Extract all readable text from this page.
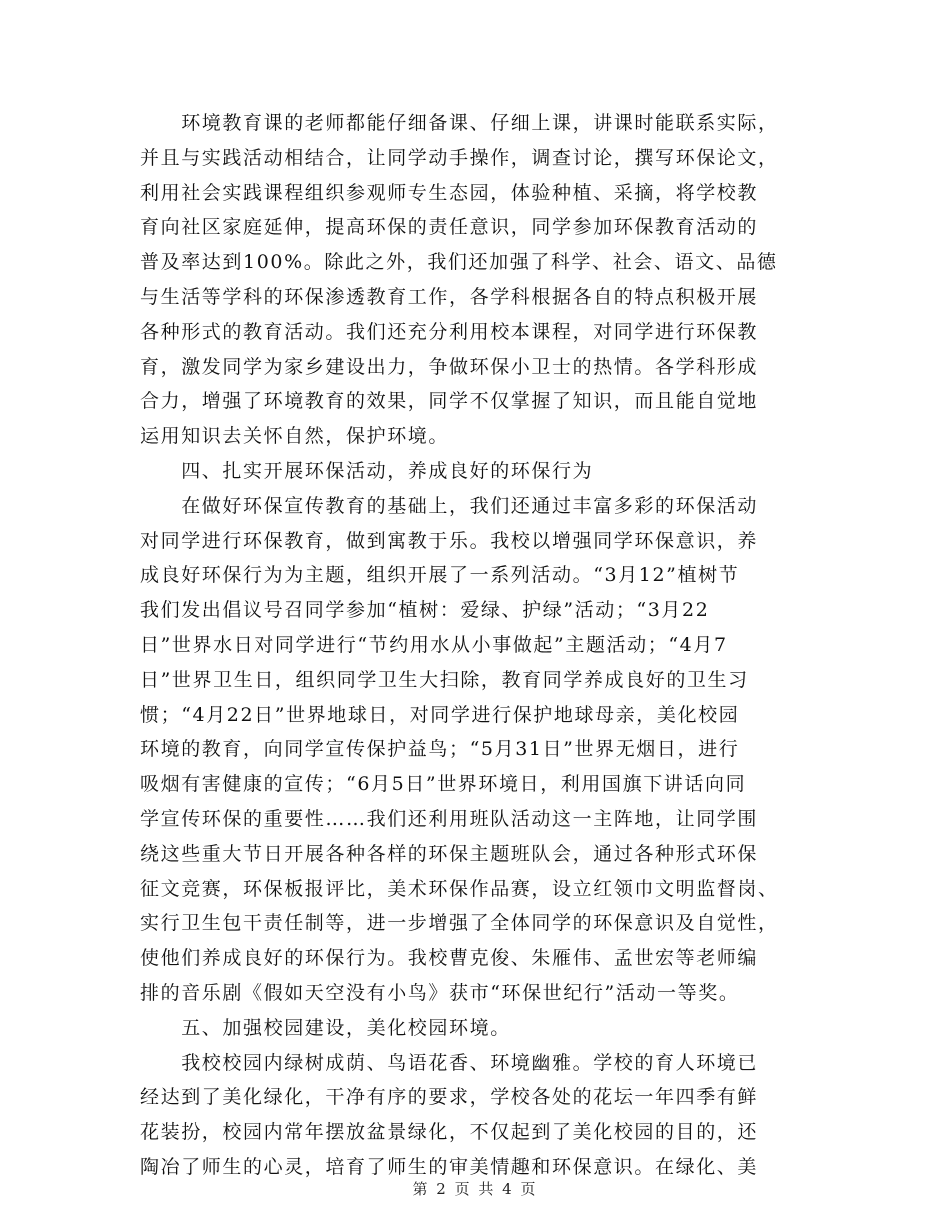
　　环境教育课的老师都能仔细备课、仔细上课，讲课时能联系实际，
并且与实践活动相结合，让同学动手操作，调查讨论，撰写环保论文，
利用社会实践课程组织参观师专生态园，体验种植、采摘，将学校教
育向社区家庭延伸，提高环保的责任意识，同学参加环保教育活动的
普及率达到100%。除此之外，我们还加强了科学、社会、语文、品德
与生活等学科的环保渗透教育工作，各学科根据各自的特点积极开展
各种形式的教育活动。我们还充分利用校本课程，对同学进行环保教
育，激发同学为家乡建设出力，争做环保小卫士的热情。各学科形成
合力，增强了环境教育的效果，同学不仅掌握了知识，而且能自觉地
运用知识去关怀自然，保护环境。
　　四、扎实开展环保活动，养成良好的环保行为
　　在做好环保宣传教育的基础上，我们还通过丰富多彩的环保活动
对同学进行环保教育，做到寓教于乐。我校以增强同学环保意识，养
成良好环保行为为主题，组织开展了一系列活动。“3月12”植树节
我们发出倡议号召同学参加“植树：爱绿、护绿”活动；“3月22
日”世界水日对同学进行“节约用水从小事做起”主题活动；“4月7
日”世界卫生日，组织同学卫生大扫除，教育同学养成良好的卫生习
惯；“4月22日”世界地球日，对同学进行保护地球母亲，美化校园
环境的教育，向同学宣传保护益鸟；“5月31日”世界无烟日，进行
吸烟有害健康的宣传；“6月5日”世界环境日，利用国旗下讲话向同
学宣传环保的重要性……我们还利用班队活动这一主阵地，让同学围
绕这些重大节日开展各种各样的环保主题班队会，通过各种形式环保
征文竞赛，环保板报评比，美术环保作品赛，设立红领巾文明监督岗、
实行卫生包干责任制等，进一步增强了全体同学的环保意识及自觉性，
使他们养成良好的环保行为。我校曹克俊、朱雁伟、孟世宏等老师编
排的音乐剧《假如天空没有小鸟》获市“环保世纪行”活动一等奖。
　　五、加强校园建设，美化校园环境。
　　我校校园内绿树成荫、鸟语花香、环境幽雅。学校的育人环境已
经达到了美化绿化，干净有序的要求，学校各处的花坛一年四季有鲜
花装扮，校园内常年摆放盆景绿化，不仅起到了美化校园的目的，还
陶冶了师生的心灵，培育了师生的审美情趣和环保意识。在绿化、美
第 2 页 共 4 页
